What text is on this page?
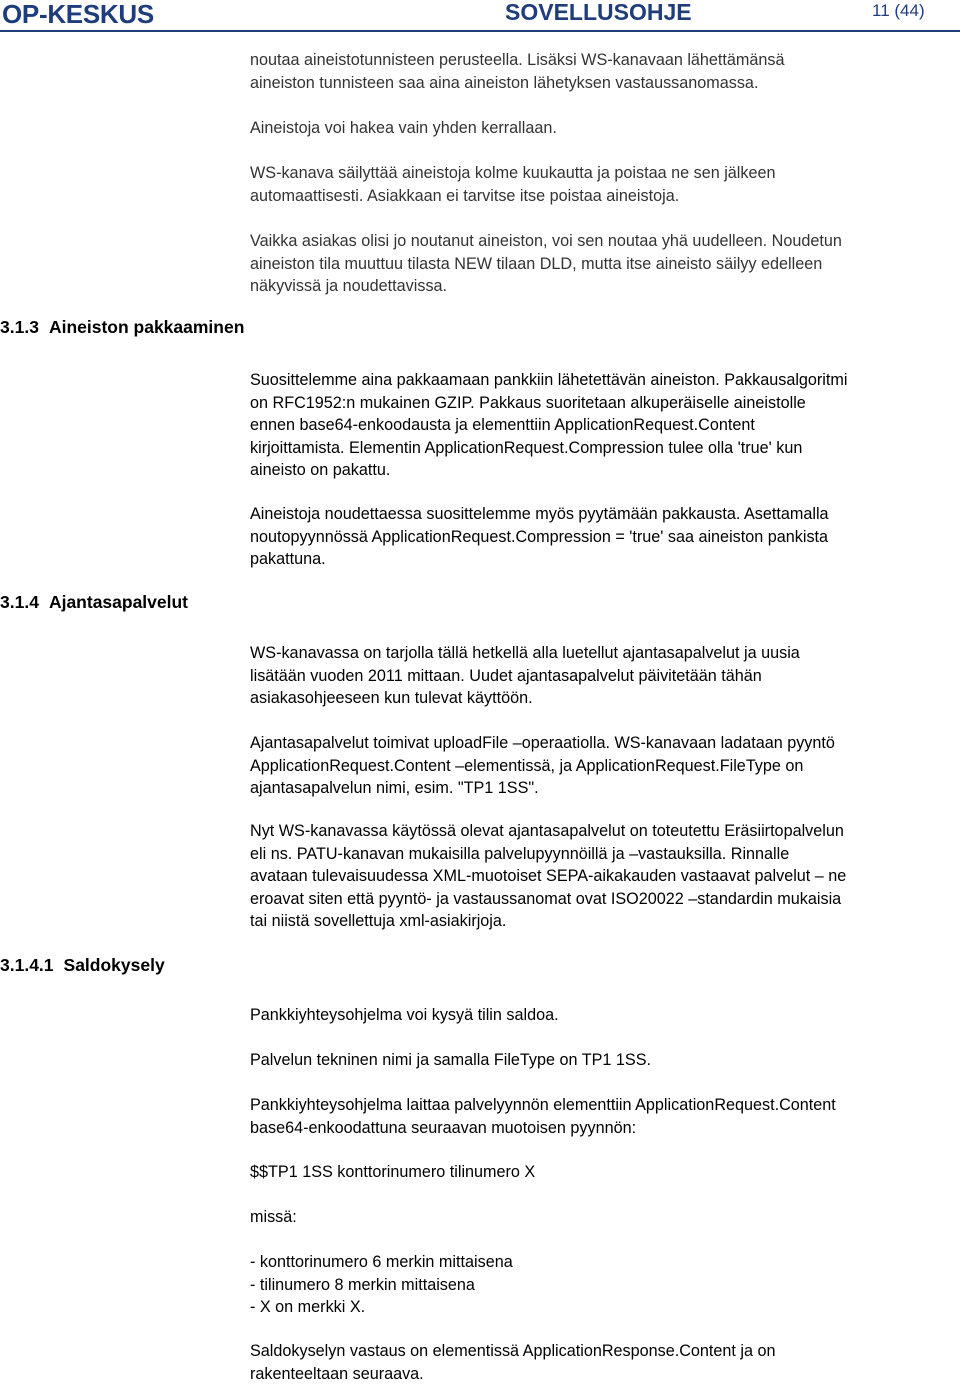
OP-KESKUS	SOVELLUSOHJE	11 (44)

noutaa aineistotunnisteen perusteella. Lisäksi WS-kanavaan lähettämänsä
aineiston tunnisteen saa aina aineiston lähetyksen vastaussanomassa.

Aineistoja voi hakea vain yhden kerrallaan.

WS-kanava säilyttää aineistoja kolme kuukautta ja poistaa ne sen jälkeen
automaattisesti. Asiakkaan ei tarvitse itse poistaa aineistoja.

Vaikka asiakas olisi jo noutanut aineiston, voi sen noutaa yhä uudelleen. Noudetun
aineiston tila muuttuu tilasta NEW tilaan DLD, mutta itse aineisto säilyy edelleen
näkyvissä ja noudettavissa.

3.1.3 Aineiston pakkaaminen

Suosittelemme aina pakkaamaan pankkiin lähetettävän aineiston. Pakkausalgoritmi
on RFC1952:n mukainen GZIP. Pakkaus suoritetaan alkuperäiselle aineistolle
ennen base64-enkoodausta ja elementtiin ApplicationRequest.Content
kirjoittamista. Elementin ApplicationRequest.Compression tulee olla 'true' kun
aineisto on pakattu.

Aineistoja noudettaessa suosittelemme myös pyytämään pakkausta. Asettamalla
noutopyynnössä ApplicationRequest.Compression = 'true' saa aineiston pankista
pakattuna.

3.1.4 Ajantasapalvelut

WS-kanavassa on tarjolla tällä hetkellä alla luetellut ajantasapalvelut ja uusia
lisätään vuoden 2011 mittaan. Uudet ajantasapalvelut päivitetään tähän
asiakasohjeeseen kun tulevat käyttöön.

Ajantasapalvelut toimivat uploadFile –operaatiolla. WS-kanavaan ladataan pyyntö
ApplicationRequest.Content –elementissä, ja ApplicationRequest.FileType on
ajantasapalvelun nimi, esim. "TP1 1SS".

Nyt WS-kanavassa käytössä olevat ajantasapalvelut on toteutettu Eräsiirtopalvelun
eli ns. PATU-kanavan mukaisilla palvelupyynnöillä ja –vastauksilla. Rinnalle
avataan tulevaisuudessa XML-muotoiset SEPA-aikakauden vastaavat palvelut – ne
eroavat siten että pyyntö- ja vastaussanomat ovat ISO20022 –standardin mukaisia
tai niistä sovellettuja xml-asiakirjoja.

3.1.4.1 Saldokysely

Pankkiyhteysohjelma voi kysyä tilin saldoa.

Palvelun tekninen nimi ja samalla FileType on TP1 1SS.

Pankkiyhteysohjelma laittaa palvelyynnön elementtiin ApplicationRequest.Content
base64-enkoodattuna seuraavan muotoisen pyynnön:

$$TP1 1SS konttorinumero tilinumero X

missä:

- konttorinumero 6 merkin mittaisena
- tilinumero 8 merkin mittaisena
- X on merkki X.

Saldokyselyn vastaus on elementissä ApplicationResponse.Content ja on
rakenteeltaan seuraava.
